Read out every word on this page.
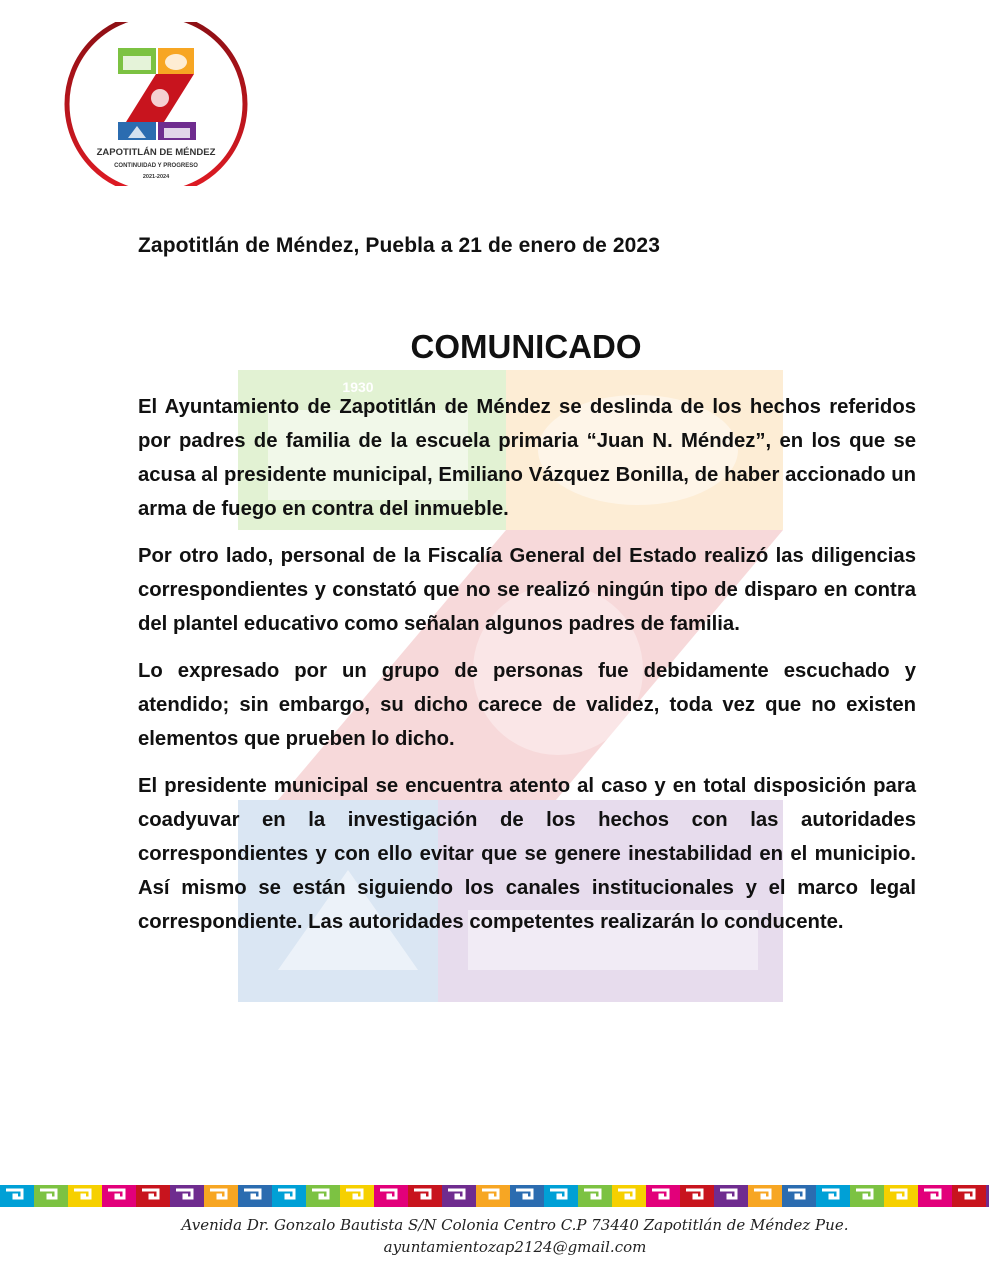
ZAPOTITLÁN DE MÉNDEZ
CONTINUIDAD Y PROGRESO
2021-2024
1930
Zapotitlán de Méndez, Puebla a 21 de enero de 2023
COMUNICADO

El Ayuntamiento de Zapotitlán de Méndez se deslinda de los hechos referidos por padres de familia de la escuela primaria “Juan N. Méndez”, en los que se acusa al presidente municipal, Emiliano Vázquez Bonilla, de haber accionado un arma de fuego en contra del inmueble.

Por otro lado, personal de la Fiscalía General del Estado realizó las diligencias correspondientes y constató que no se realizó ningún tipo de disparo en contra del plantel educativo como señalan algunos padres de familia.

Lo expresado por un grupo de personas fue debidamente escuchado y atendido; sin embargo, su dicho carece de validez, toda vez que no existen elementos que prueben lo dicho.

El presidente municipal se encuentra atento al caso y en total disposición para coadyuvar en la investigación de los hechos con las autoridades correspondientes y con ello evitar que se genere inestabilidad en el municipio. Así mismo se están siguiendo los canales institucionales y el marco legal correspondiente. Las autoridades competentes realizarán lo conducente.

Avenida Dr. Gonzalo Bautista S/N Colonia Centro C.P 73440 Zapotitlán de Méndez Pue.
ayuntamientozap2124@gmail.com
